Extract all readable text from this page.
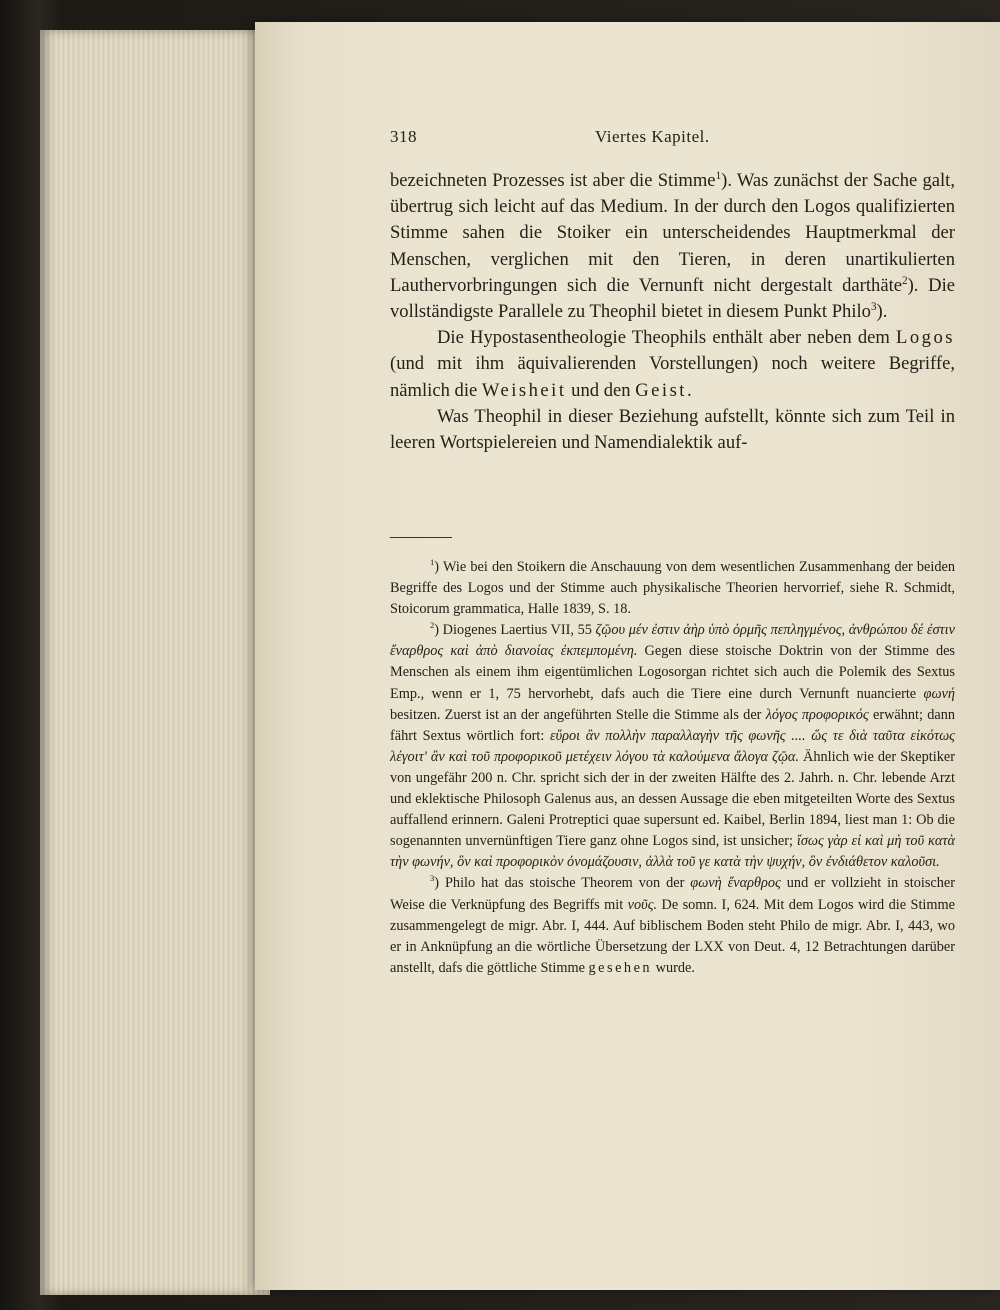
318	Viertes Kapitel.

bezeichneten Prozesses ist aber die Stimme$^1$). Was zunächst der Sache galt, übertrug sich leicht auf das Medium. In der durch den Logos qualifizierten Stimme sahen die Stoiker ein unterscheidendes Hauptmerkmal der Menschen, verglichen mit den Tieren, in deren unartikulierten Lauthervorbringungen sich die Vernunft nicht dergestalt darthäte$^2$). Die vollständigste Parallele zu Theophil bietet in diesem Punkt Philo$^3$).

Die Hypostasentheologie Theophils enthält aber neben dem Logos (und mit ihm äquivalierenden Vorstellungen) noch weitere Begriffe, nämlich die Weisheit und den Geist.

Was Theophil in dieser Beziehung aufstellt, könnte sich zum Teil in leeren Wortspielereien und Namendialektik auf-

$^1$) Wie bei den Stoikern die Anschauung von dem wesentlichen Zusammenhang der beiden Begriffe des Logos und der Stimme auch physikalische Theorien hervorrief, siehe R. Schmidt, Stoicorum grammatica, Halle 1839, S. 18.

$^2$) Diogenes Laertius VII, 55 ζῷου μέν ἐστιν ἀὴρ ὑπὸ ὁρμῆς πεπληγμένος, ἀνθρώπου δέ ἐστιν ἔναρθρος καὶ ἀπὸ διανοίας ἐκπεμπομένη. Gegen diese stoische Doktrin von der Stimme des Menschen als einem ihm eigentümlichen Logosorgan richtet sich auch die Polemik des Sextus Emp., wenn er 1, 75 hervorhebt, dafs auch die Tiere eine durch Vernunft nuancierte φωνή besitzen. Zuerst ist an der angeführten Stelle die Stimme als der λόγος προφορικός erwähnt; dann fährt Sextus wörtlich fort: εὕροι ἂν πολλὴν παραλλαγὴν τῆς φωνῆς .... ὥς τε διὰ ταῦτα εἰκότως λέγοιτ' ἂν καὶ τοῦ προφορικοῦ μετέχειν λόγου τὰ καλούμενα ἄλογα ζῷα. Ähnlich wie der Skeptiker von ungefähr 200 n. Chr. spricht sich der in der zweiten Hälfte des 2. Jahrh. n. Chr. lebende Arzt und eklektische Philosoph Galenus aus, an dessen Aussage die eben mitgeteilten Worte des Sextus auffallend erinnern. Galeni Protreptici quae supersunt ed. Kaibel, Berlin 1894, liest man 1: Ob die sogenannten unvernünftigen Tiere ganz ohne Logos sind, ist unsicher; ἴσως γὰρ εἰ καὶ μὴ τοῦ κατὰ τὴν φωνήν, ὃν καὶ προφορικὸν ὀνομάζουσιν, ἀλλὰ τοῦ γε κατὰ τὴν ψυχήν, ὃν ἐνδιάθετον καλοῦσι.

$^3$) Philo hat das stoische Theorem von der φωνὴ ἔναρθρος und er vollzieht in stoischer Weise die Verknüpfung des Begriffs mit νοῦς. De somn. I, 624. Mit dem Logos wird die Stimme zusammengelegt de migr. Abr. I, 444. Auf biblischem Boden steht Philo de migr. Abr. I, 443, wo er in Anknüpfung an die wörtliche Übersetzung der LXX von Deut. 4, 12 Betrachtungen darüber anstellt, dafs die göttliche Stimme gesehen wurde.
